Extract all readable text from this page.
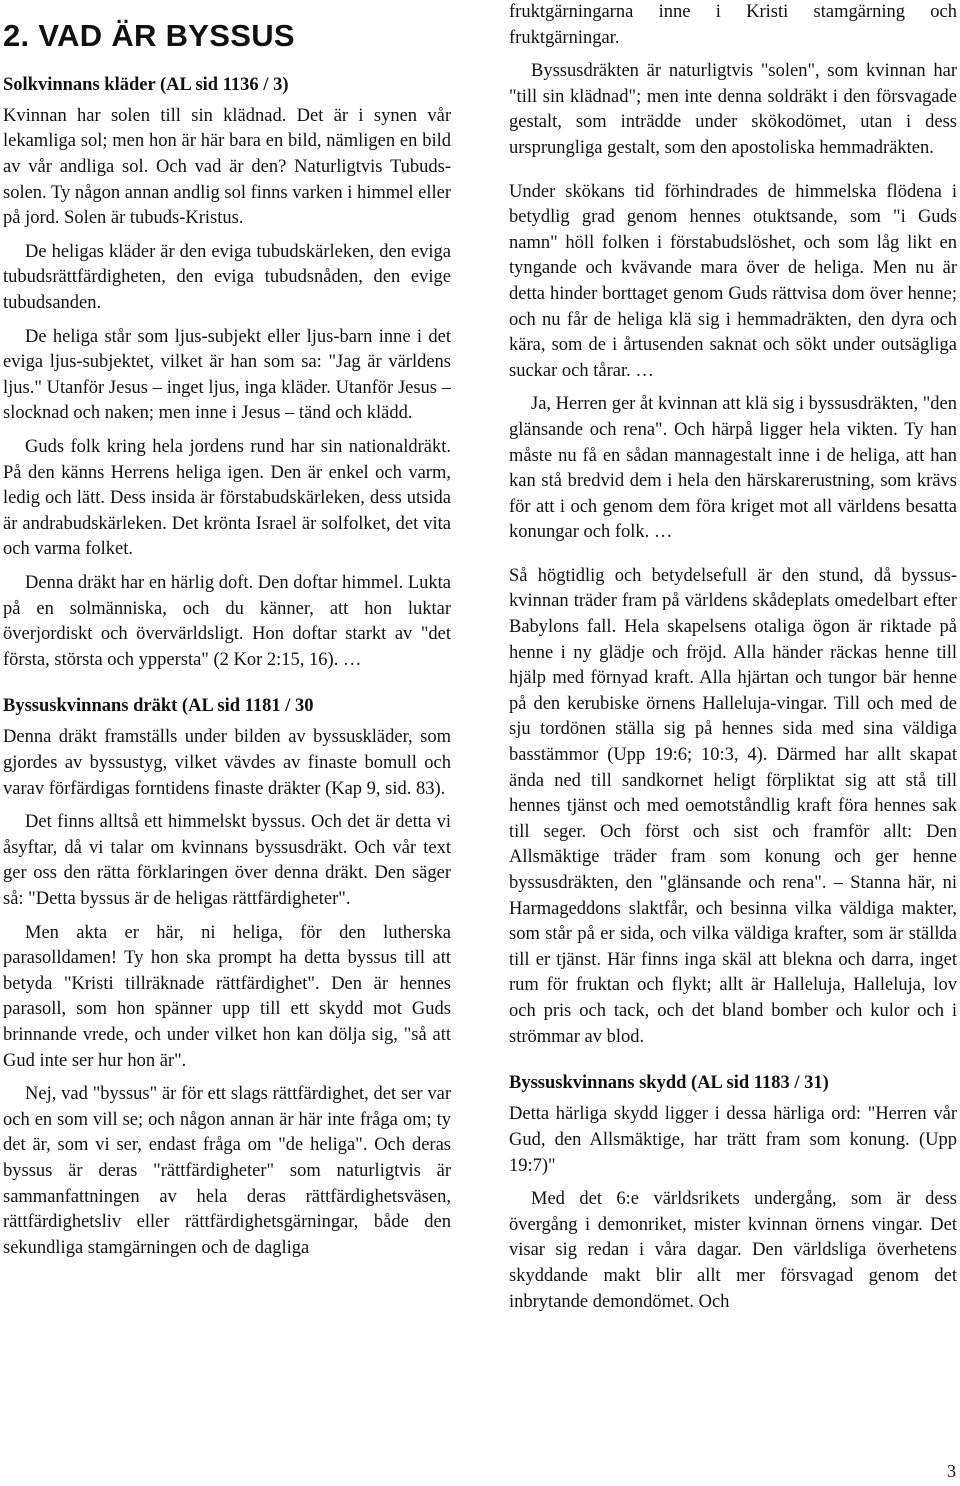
2. VAD ÄR BYSSUS
Solkvinnans kläder (AL sid 1136 / 3)

Kvinnan har solen till sin klädnad. Det är i synen vår lekamliga sol; men hon är här bara en bild, nämligen en bild av vår andliga sol. Och vad är den? Naturligtvis Tubuds-solen. Ty någon annan andlig sol finns varken i himmel eller på jord. Solen är tubuds-Kristus.

De heligas kläder är den eviga tubudskärleken, den eviga tubudsrättfärdigheten, den eviga tubudsnåden, den evige tubudsanden.

De heliga står som ljus-subjekt eller ljus-barn inne i det eviga ljus-subjektet, vilket är han som sa: "Jag är världens ljus." Utanför Jesus – inget ljus, inga kläder. Utanför Jesus – slocknad och naken; men inne i Jesus – tänd och klädd.

Guds folk kring hela jordens rund har sin nationaldräkt. På den känns Herrens heliga igen. Den är enkel och varm, ledig och lätt. Dess insida är förstabudskärleken, dess utsida är andrabudskärleken. Det krönta Israel är solfolket, det vita och varma folket.

Denna dräkt har en härlig doft. Den doftar himmel. Lukta på en solmänniska, och du känner, att hon luktar överjordiskt och övervärldsligt. Hon doftar starkt av "det första, största och yppersta" (2 Kor 2:15, 16). …

Byssuskvinnans dräkt (AL sid 1181 / 30

Denna dräkt framställs under bilden av byssuskläder, som gjordes av byssustyg, vilket vävdes av finaste bomull och varav förfärdigas forntidens finaste dräkter (Kap 9, sid. 83).

Det finns alltså ett himmelskt byssus. Och det är detta vi åsyftar, då vi talar om kvinnans byssusdräkt. Och vår text ger oss den rätta förklaringen över denna dräkt. Den säger så: "Detta byssus är de heligas rättfärdigheter".

Men akta er här, ni heliga, för den lutherska parasolldamen! Ty hon ska prompt ha detta byssus till att betyda "Kristi tillräknade rättfärdighet". Den är hennes parasoll, som hon spänner upp till ett skydd mot Guds brinnande vrede, och under vilket hon kan dölja sig, "så att Gud inte ser hur hon är".

Nej, vad "byssus" är för ett slags rättfärdighet, det ser var och en som vill se; och någon annan är här inte fråga om; ty det är, som vi ser, endast fråga om "de heliga". Och deras byssus är deras "rättfärdigheter" som naturligtvis är sammanfattningen av hela deras rättfärdighetsväsen, rättfärdighetsliv eller rättfärdighetsgärningar, både den sekundliga stamgärningen och de dagliga

fruktgärningarna inne i Kristi stamgärning och fruktgärningar.

Byssusdräkten är naturligtvis "solen", som kvinnan har "till sin klädnad"; men inte denna soldräkt i den försvagade gestalt, som inträdde under skökodömet, utan i dess ursprungliga gestalt, som den apostoliska hemmadräkten.

Under skökans tid förhindrades de himmelska flödena i betydlig grad genom hennes otuktsande, som "i Guds namn" höll folken i förstabudslöshet, och som låg likt en tyngande och kvävande mara över de heliga. Men nu är detta hinder borttaget genom Guds rättvisa dom över henne; och nu får de heliga klä sig i hemmadräkten, den dyra och kära, som de i årtusenden saknat och sökt under outsägliga suckar och tårar. …

Ja, Herren ger åt kvinnan att klä sig i byssusdräkten, "den glänsande och rena". Och härpå ligger hela vikten. Ty han måste nu få en sådan mannagestalt inne i de heliga, att han kan stå bredvid dem i hela den härskarerustning, som krävs för att i och genom dem föra kriget mot all världens besatta konungar och folk. …

Så högtidlig och betydelsefull är den stund, då byssus-kvinnan träder fram på världens skådeplats omedelbart efter Babylons fall. Hela skapelsens otaliga ögon är riktade på henne i ny glädje och fröjd. Alla händer räckas henne till hjälp med förnyad kraft. Alla hjärtan och tungor bär henne på den kerubiske örnens Halleluja-vingar. Till och med de sju tordönen ställa sig på hennes sida med sina väldiga basstämmor (Upp 19:6; 10:3, 4). Därmed har allt skapat ända ned till sandkornet heligt förpliktat sig att stå till hennes tjänst och med oemotståndlig kraft föra hennes sak till seger. Och först och sist och framför allt: Den Allsmäktige träder fram som konung och ger henne byssusdräkten, den "glänsande och rena". – Stanna här, ni Harmageddons slaktfår, och besinna vilka väldiga makter, som står på er sida, och vilka väldiga krafter, som är ställda till er tjänst. Här finns inga skäl att blekna och darra, inget rum för fruktan och flykt; allt är Halleluja, Halleluja, lov och pris och tack, och det bland bomber och kulor och i strömmar av blod.

Byssuskvinnans skydd (AL sid 1183 / 31)

Detta härliga skydd ligger i dessa härliga ord: "Herren vår Gud, den Allsmäktige, har trätt fram som konung. (Upp 19:7)"

Med det 6:e världsrikets undergång, som är dess övergång i demonriket, mister kvinnan örnens vingar. Det visar sig redan i våra dagar. Den världsliga överhetens skyddande makt blir allt mer försvagad genom det inbrytande demondömet. Och

3
